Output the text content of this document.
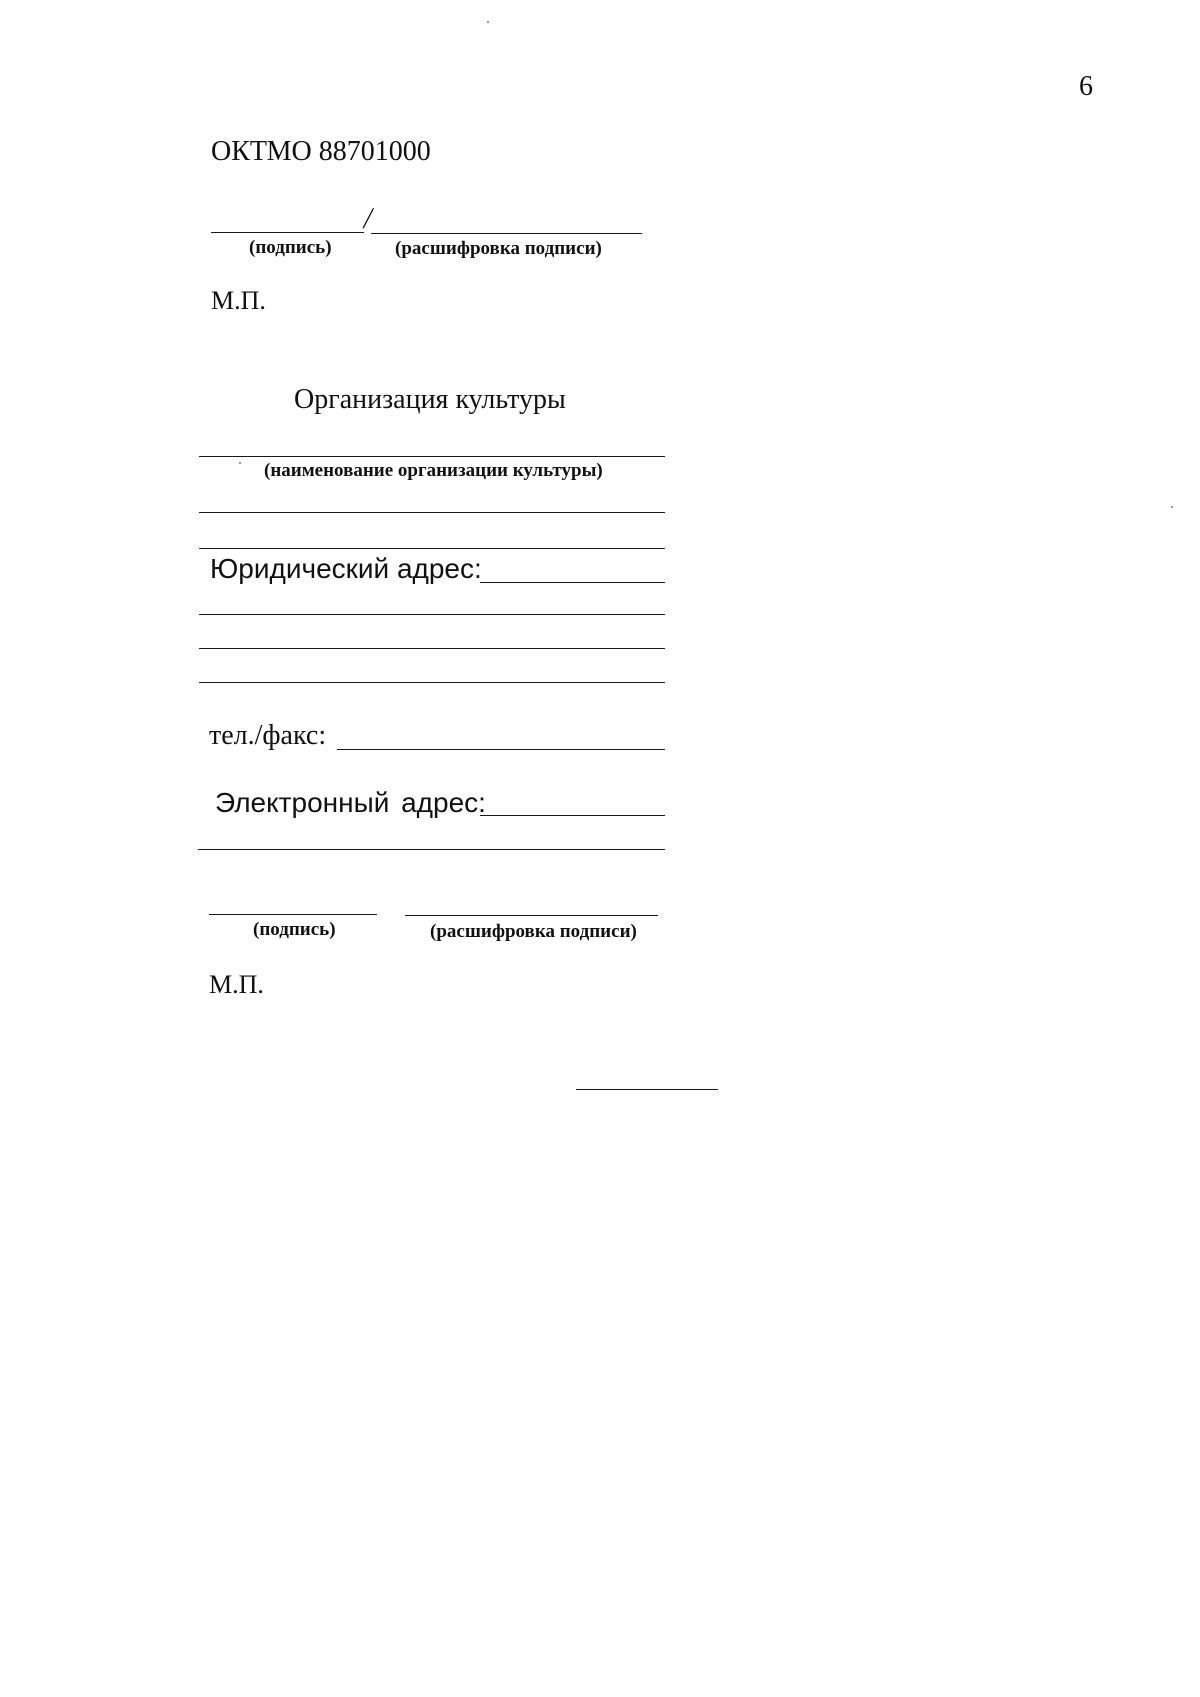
6
ОКТМО 88701000
/
(подпись)	(расшифровка подписи)
М.П.
Организация культуры
(наименование организации культуры)
Юридический адрес:
тел./факс:
Электронный адрес:
(подпись)	(расшифровка подписи)
М.П.
